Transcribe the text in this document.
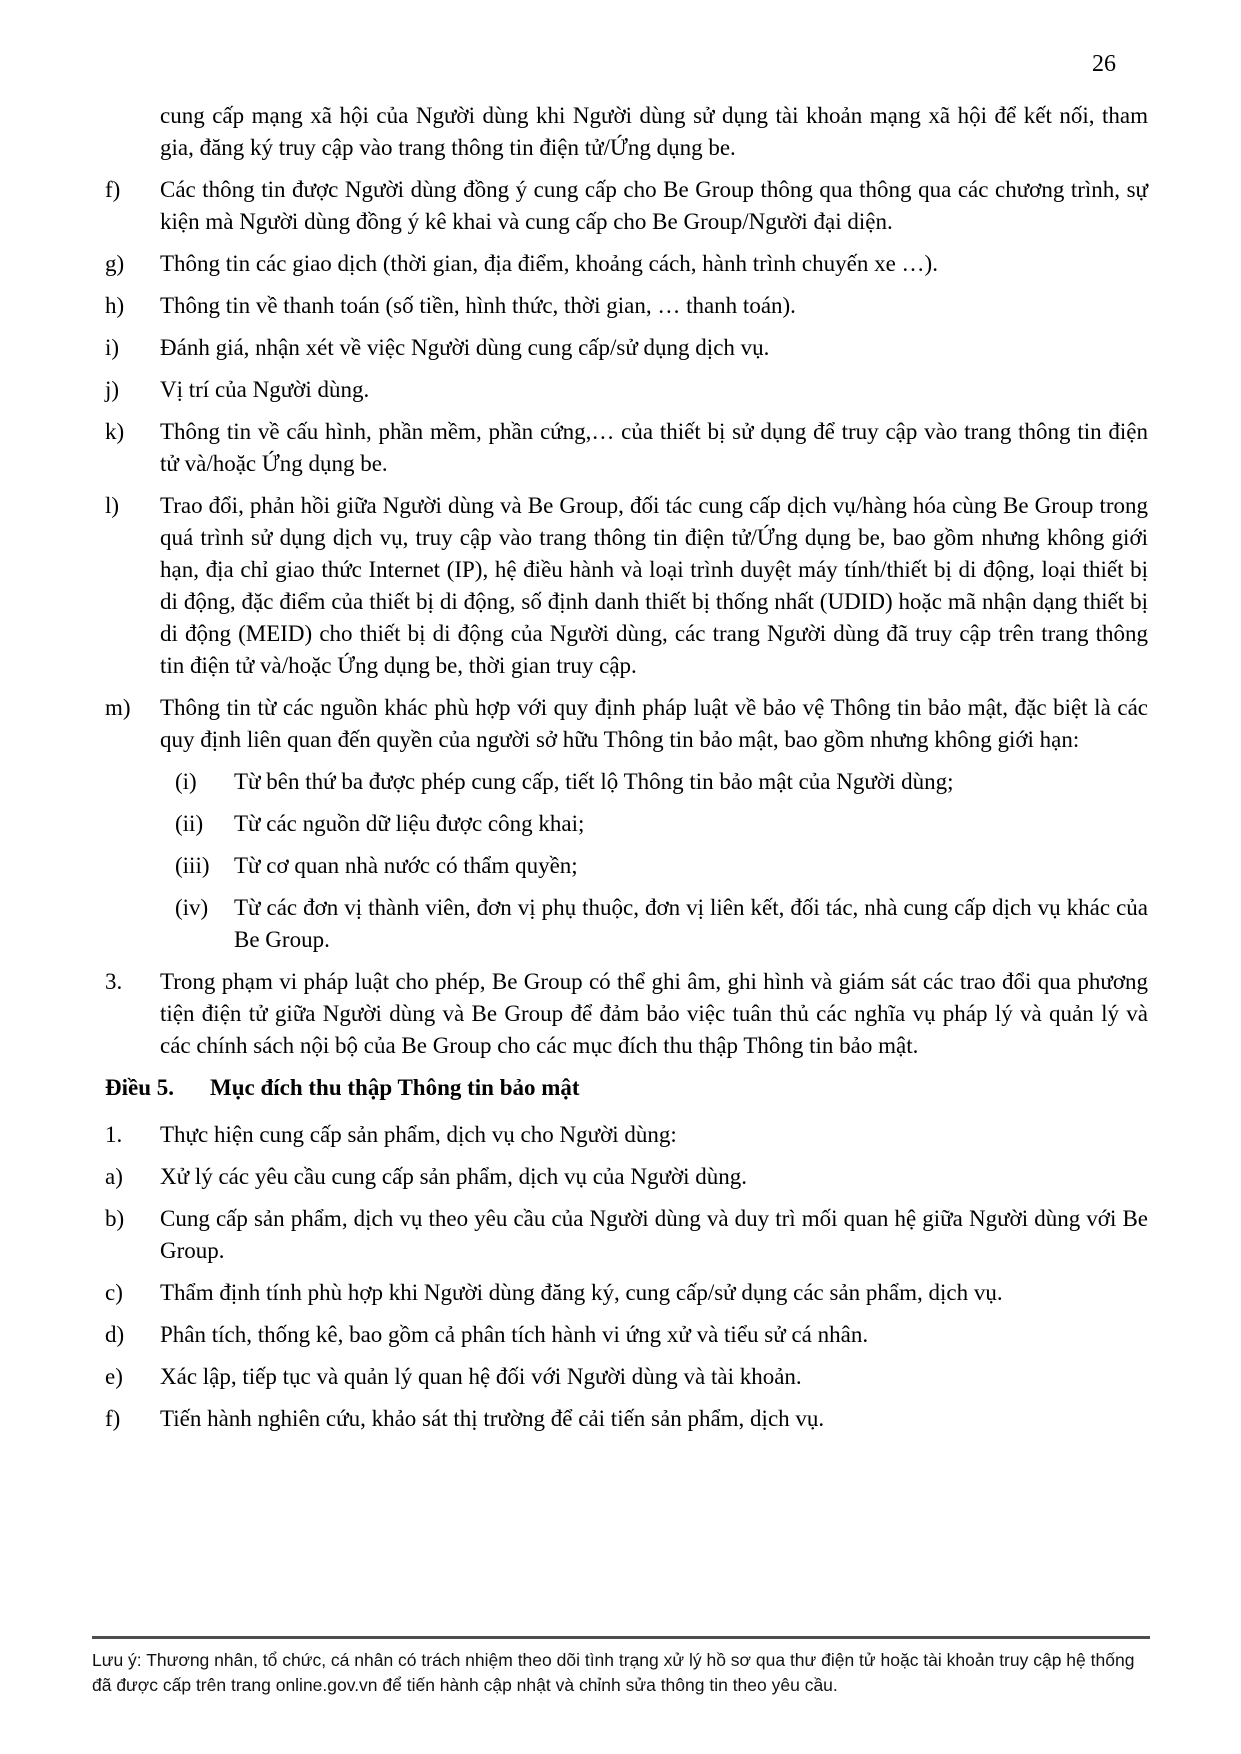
26
cung cấp mạng xã hội của Người dùng khi Người dùng sử dụng tài khoản mạng xã hội để kết nối, tham gia, đăng ký truy cập vào trang thông tin điện tử/Ứng dụng be.
f)	Các thông tin được Người dùng đồng ý cung cấp cho Be Group thông qua thông qua các chương trình, sự kiện mà Người dùng đồng ý kê khai và cung cấp cho Be Group/Người đại diện.
g)	Thông tin các giao dịch (thời gian, địa điểm, khoảng cách, hành trình chuyến xe …).
h)	Thông tin về thanh toán (số tiền, hình thức, thời gian, … thanh toán).
i)	Đánh giá, nhận xét về việc Người dùng cung cấp/sử dụng dịch vụ.
j)	Vị trí của Người dùng.
k)	Thông tin về cấu hình, phần mềm, phần cứng,… của thiết bị sử dụng để truy cập vào trang thông tin điện tử và/hoặc Ứng dụng be.
l)	Trao đổi, phản hồi giữa Người dùng và Be Group, đối tác cung cấp dịch vụ/hàng hóa cùng Be Group trong quá trình sử dụng dịch vụ, truy cập vào trang thông tin điện tử/Ứng dụng be, bao gồm nhưng không giới hạn, địa chỉ giao thức Internet (IP), hệ điều hành và loại trình duyệt máy tính/thiết bị di động, loại thiết bị di động, đặc điểm của thiết bị di động, số định danh thiết bị thống nhất (UDID) hoặc mã nhận dạng thiết bị di động (MEID) cho thiết bị di động của Người dùng, các trang Người dùng đã truy cập trên trang thông tin điện tử và/hoặc Ứng dụng be, thời gian truy cập.
m)	Thông tin từ các nguồn khác phù hợp với quy định pháp luật về bảo vệ Thông tin bảo mật, đặc biệt là các quy định liên quan đến quyền của người sở hữu Thông tin bảo mật, bao gồm nhưng không giới hạn:
(i)	Từ bên thứ ba được phép cung cấp, tiết lộ Thông tin bảo mật của Người dùng;
(ii)	Từ các nguồn dữ liệu được công khai;
(iii)	Từ cơ quan nhà nước có thẩm quyền;
(iv)	Từ các đơn vị thành viên, đơn vị phụ thuộc, đơn vị liên kết, đối tác, nhà cung cấp dịch vụ khác của Be Group.
3.	Trong phạm vi pháp luật cho phép, Be Group có thể ghi âm, ghi hình và giám sát các trao đổi qua phương tiện điện tử giữa Người dùng và Be Group để đảm bảo việc tuân thủ các nghĩa vụ pháp lý và quản lý và các chính sách nội bộ của Be Group cho các mục đích thu thập Thông tin bảo mật.
Điều 5.	Mục đích thu thập Thông tin bảo mật
1.	Thực hiện cung cấp sản phẩm, dịch vụ cho Người dùng:
a)	Xử lý các yêu cầu cung cấp sản phẩm, dịch vụ của Người dùng.
b)	Cung cấp sản phẩm, dịch vụ theo yêu cầu của Người dùng và duy trì mối quan hệ giữa Người dùng với Be Group.
c)	Thẩm định tính phù hợp khi Người dùng đăng ký, cung cấp/sử dụng các sản phẩm, dịch vụ.
d)	Phân tích, thống kê, bao gồm cả phân tích hành vi ứng xử và tiểu sử cá nhân.
e)	Xác lập, tiếp tục và quản lý quan hệ đối với Người dùng và tài khoản.
f)	Tiến hành nghiên cứu, khảo sát thị trường để cải tiến sản phẩm, dịch vụ.

Lưu ý: Thương nhân, tổ chức, cá nhân có trách nhiệm theo dõi tình trạng xử lý hồ sơ qua thư điện tử hoặc tài khoản truy cập hệ thống đã được cấp trên trang online.gov.vn để tiến hành cập nhật và chỉnh sửa thông tin theo yêu cầu.
